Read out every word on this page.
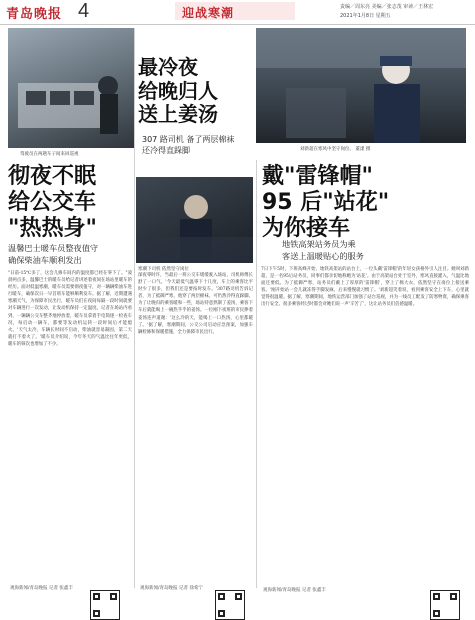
青岛晚报 4	迎战寒潮	责编／周东亮 美编／张志茂 审读／王林宏
2021年1月8日 星期五
驾驶员在两趟车子间来回巡视
刘新超在寒风中坚守岗位。 董漾 摄
寒潮下司机 依然坚守岗位
彻夜不眠
给公交车
"热热身"
温馨巴士暖车员整夜值守
确保柴油车顺利发出
最冷夜
给晚归人
送上姜汤
307 路司机 备了两层棉袜
还冷得直跺脚
戴"雷锋帽"
95 后"站花"
为你接车
地铁高架站务员为乘
客送上温暖贴心的服务
"日前-15℃多了，这会儿修车间内的温度都已经在零下了。"凌晨两点多，温馨巴士的暖车员给记者讲述着夜间在场站里暖车的经历。面对低温寒潮，暖车员需要彻夜值守，对一辆辆柴油车进行暖车，确保次日一早首班车能够顺利发车。据了解，近期遭遇寒潮天气，为保障市民出行，暖车员们在夜间每隔一段时间就要对车辆进行一次发动，让发动机保持一定温度。记者在场站内看到，一辆辆公交车整齐地停放着，暖车员拿着手电筒逐一检查车况，每启动一辆车，都要等发动机运转一段时间后才能熄火。'天气太冷，车辆长时间不启动，柴油就容易凝固，第二天就打不着火了。'暖车员介绍说，今年冬天的气温比往年更低，暖车的频次也增加了不少。
深夜零时许，当最后一班公交车缓缓驶入场站，司机师傅长舒了一口气。'今天最低气温零下十几度，车上的乘客比平时少了很多，但我们还是要按时发车。'307路司机告诉记者，为了抵御严寒，他穿了两层棉袜，可仍然冷得直跺脚。为了让晚归的乘客暖和一些，场站特意熬制了姜汤，乘客下车后就能喝上一碗热乎乎的姜汤。一位刚下夜班的市民捧着姜汤连声道谢：'这么冷的天，能喝上一口热汤，心里都暖了。'据了解，寒潮期间，公交公司启动应急预案，加强车辆检修和保暖措施，全力保障市民出行。
7日下午5时，下班高峰开始，地铁高架站的站台上，一位头戴'雷锋帽'的年轻女孩格外引人注目。她叫刘新超，是一名95后站务员，同事们都亲切地称她为'站花'。由于高架站台处于室外，寒风直接灌入，气温比地面还要低。为了抵御严寒，站务员们戴上了厚厚的'雷锋帽'，穿上了棉大衣，依然坚守在岗位上接送乘客。'刚开始站一会儿就冻得手脚发麻，后来慢慢就习惯了。'刘新超笑着说，看到乘客安全上下车，心里就觉得很温暖。据了解，寒潮期间，地铁运营部门加强了站台巡视，并为一线员工配发了防寒物资，确保乘客出行安全。很多乘客经过时都会对她们说一声'辛苦了'，这让站务员们倍感温暖。
观海新闻/青岛晚报 记者 张鑫丰	观海新闻/青岛晚报 记者 徐希宁	观海新闻/青岛晚报 记者 张鑫丰
